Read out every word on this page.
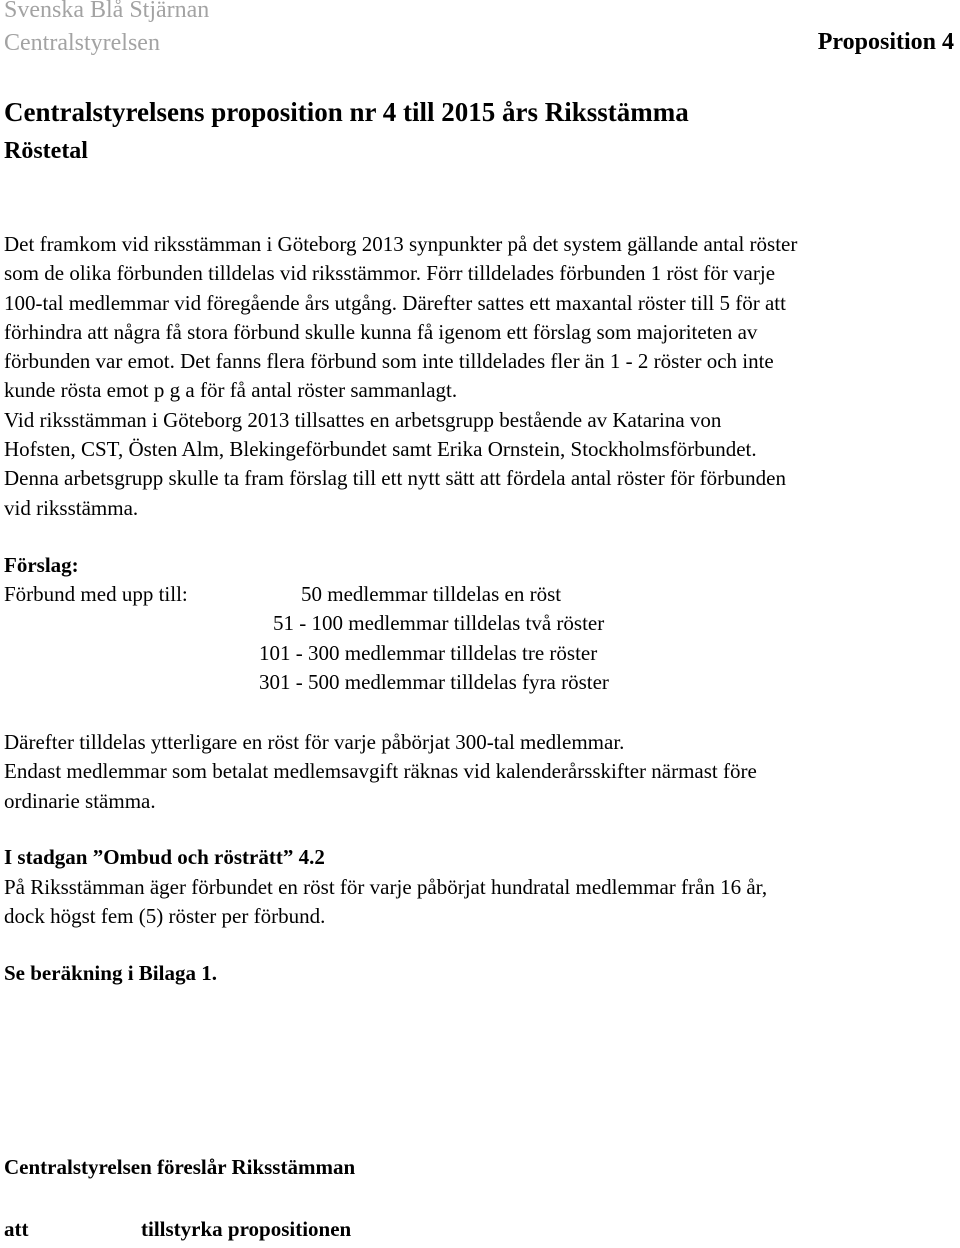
Svenska Blå Stjärnan
Centralstyrelsen	Proposition 4
Centralstyrelsens proposition nr 4 till 2015 års Riksstämma
Röstetal
Det framkom vid riksstämman i Göteborg 2013 synpunkter på det system gällande antal röster
som de olika förbunden tilldelas vid riksstämmor. Förr tilldelades förbunden 1 röst för varje
100-tal medlemmar vid föregående års utgång. Därefter sattes ett maxantal röster till 5 för att
förhindra att några få stora förbund skulle kunna få igenom ett förslag som majoriteten av
förbunden var emot. Det fanns flera förbund som inte tilldelades fler än 1 - 2 röster och inte
kunde rösta emot p g a för få antal röster sammanlagt.
Vid riksstämman i Göteborg 2013 tillsattes en arbetsgrupp bestående av Katarina von
Hofsten, CST, Östen Alm, Blekingeförbundet samt Erika Ornstein, Stockholmsförbundet.
Denna arbetsgrupp skulle ta fram förslag till ett nytt sätt att fördela antal röster för förbunden
vid riksstämma.
Förslag:
Förbund med upp till:	50 medlemmar tilldelas en röst
51 - 100 medlemmar tilldelas två röster
101 - 300 medlemmar tilldelas tre röster
301 - 500 medlemmar tilldelas fyra röster
Därefter tilldelas ytterligare en röst för varje påbörjat 300-tal medlemmar.
Endast medlemmar som betalat medlemsavgift räknas vid kalenderårsskifter närmast före
ordinarie stämma.
I stadgan ”Ombud och rösträtt” 4.2
På Riksstämman äger förbundet en röst för varje påbörjat hundratal medlemmar från 16 år,
dock högst fem (5) röster per förbund.
Se beräkning i Bilaga 1.
Centralstyrelsen föreslår Riksstämman
att	tillstyrka propositionen
